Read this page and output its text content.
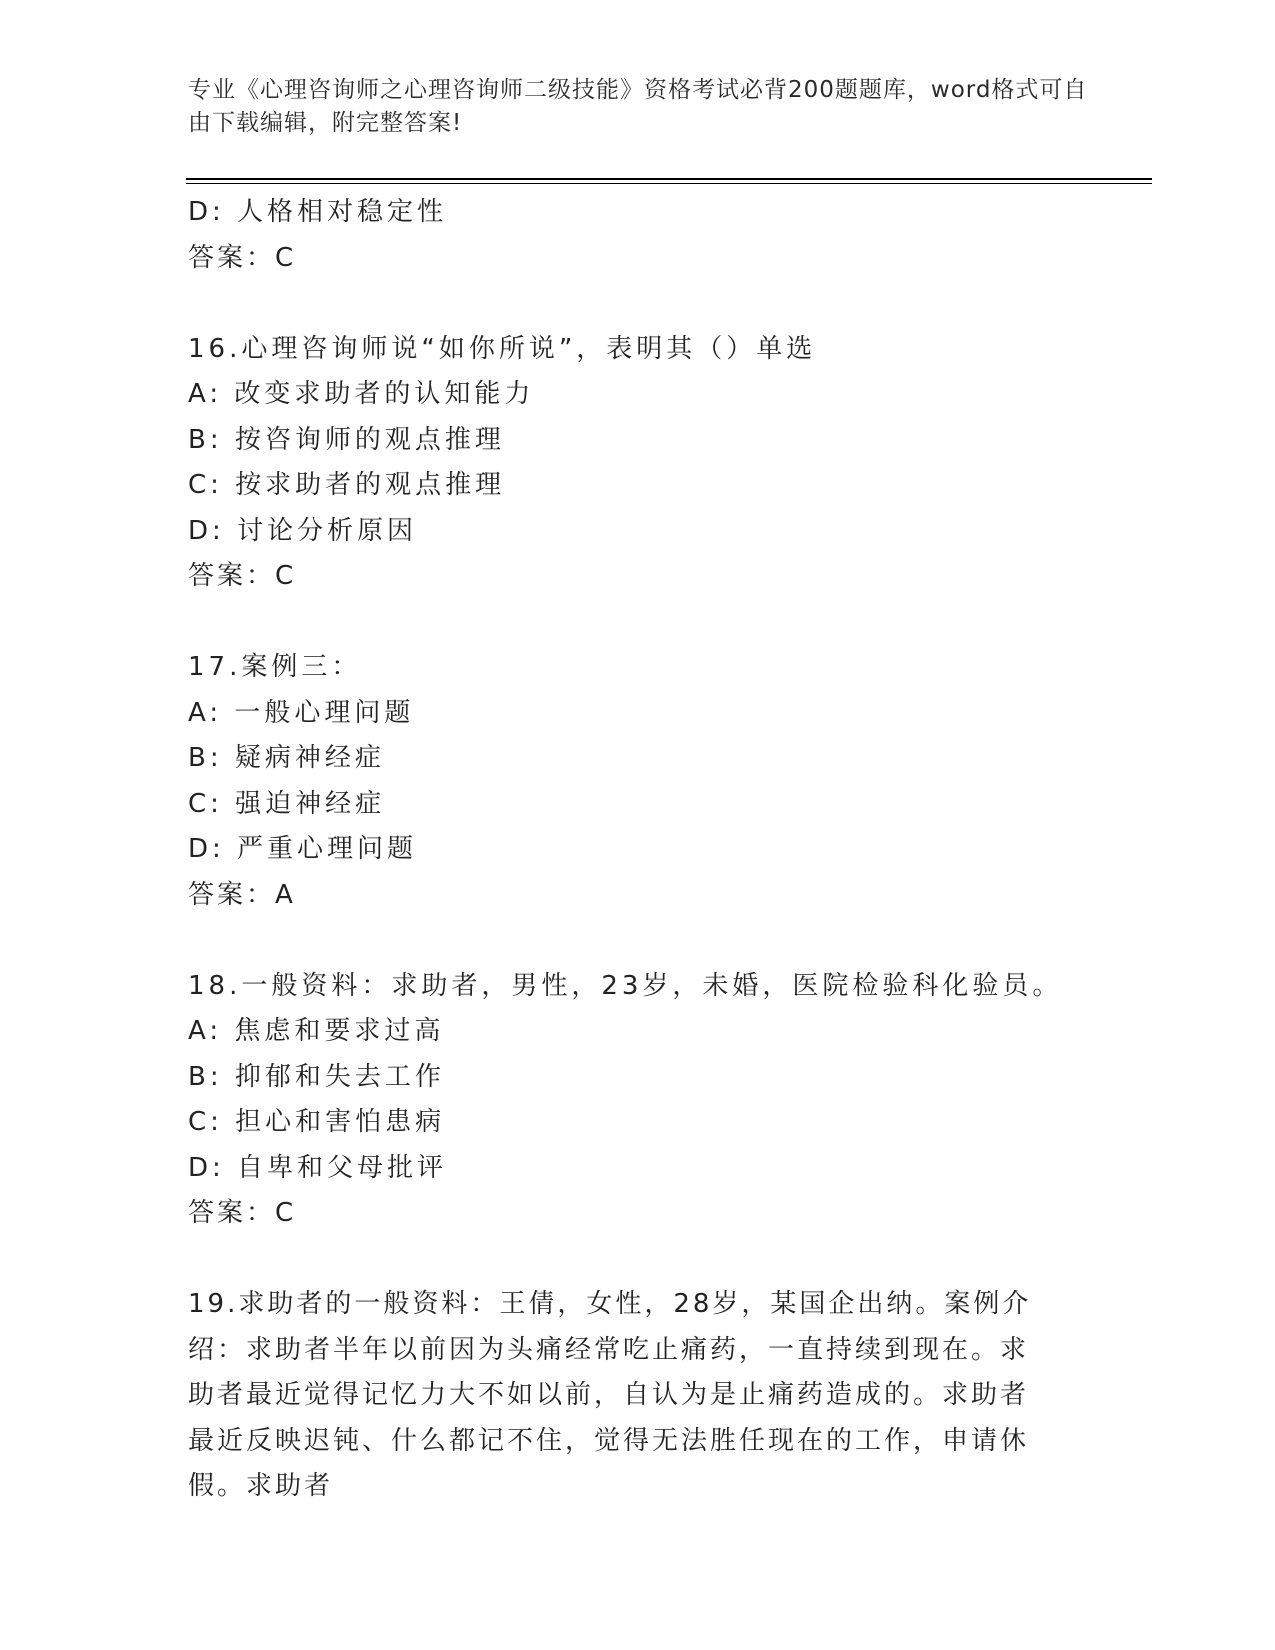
专业《心理咨询师之心理咨询师二级技能》资格考试必背200题题库，word格式可自由下载编辑，附完整答案!
D: 人格相对稳定性
答案：C
16.心理咨询师说“如你所说”，表明其（）单选
A: 改变求助者的认知能力
B: 按咨询师的观点推理
C: 按求助者的观点推理
D: 讨论分析原因
答案：C
17.案例三：
A: 一般心理问题
B: 疑病神经症
C: 强迫神经症
D: 严重心理问题
答案：A
18.一般资料：求助者，男性，23岁，未婚，医院检验科化验员。
A: 焦虑和要求过高
B: 抑郁和失去工作
C: 担心和害怕患病
D: 自卑和父母批评
答案：C
19.求助者的一般资料：王倩，女性，28岁，某国企出纳。案例介绍：求助者半年以前因为头痛经常吃止痛药，一直持续到现在。求助者最近觉得记忆力大不如以前，自认为是止痛药造成的。求助者最近反映迟钝、什么都记不住，觉得无法胜任现在的工作，申请休假。求助者
